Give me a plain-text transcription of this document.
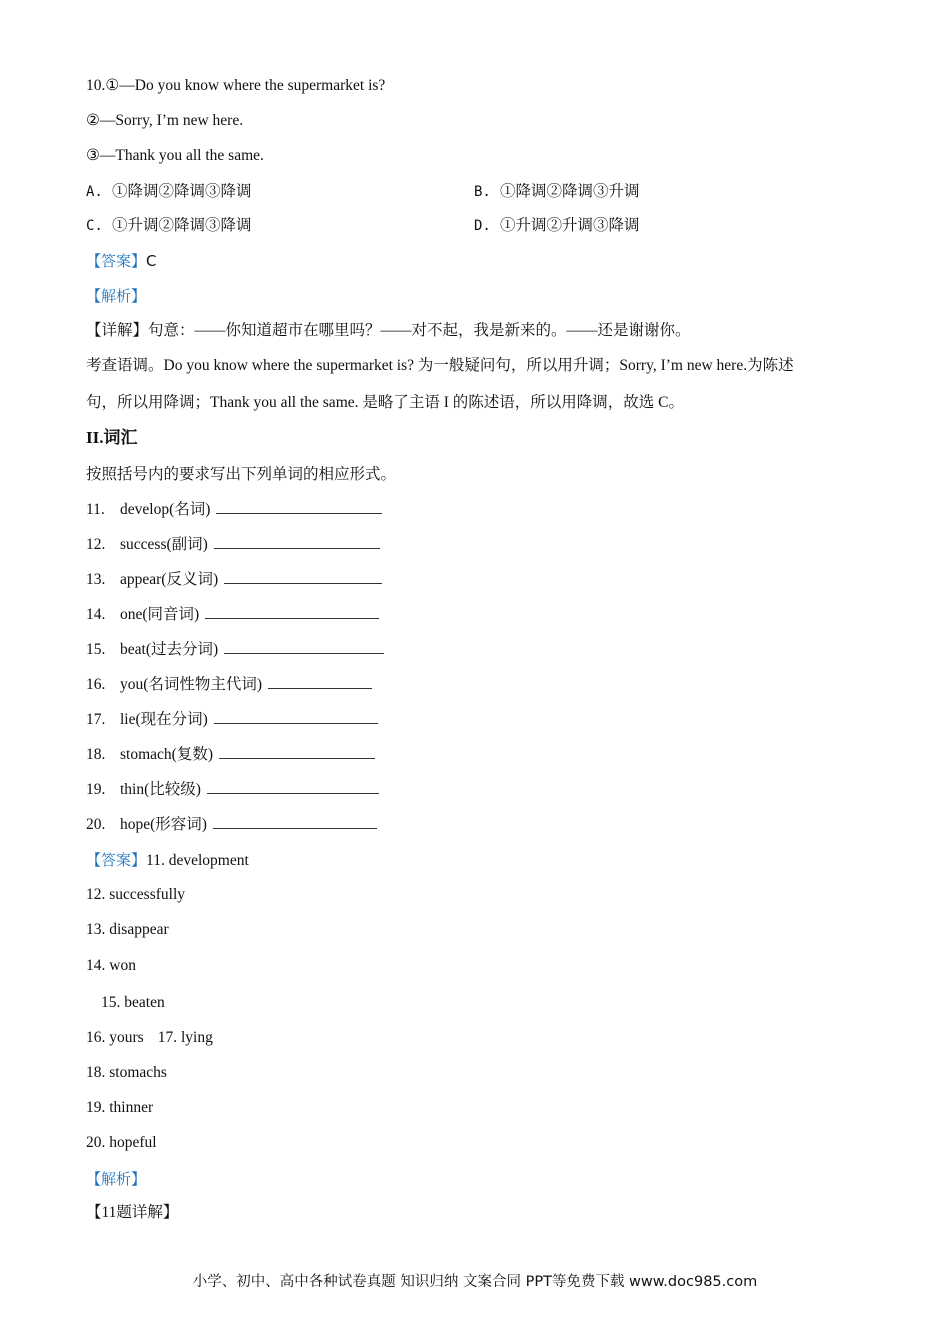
10.①—Do you know where the supermarket is?
②—Sorry, I’m new here.
③—Thank you all the same.
A. ①降调②降调③降调	B. ①降调②降调③升调
C. ①升调②降调③降调	D. ①升调②升调③降调
【答案】C
【解析】
【详解】句意：——你知道超市在哪里吗？——对不起，我是新来的。——还是谢谢你。
考查语调。Do you know where the supermarket is? 为一般疑问句，所以用升调；Sorry, I’m new here.为陈述
句，所以用降调；Thank you all the same. 是略了主语 I 的陈述语，所以用降调，故选 C。
II.词汇
按照括号内的要求写出下列单词的相应形式。
11. develop(名词)
12. success(副词)
13. appear(反义词)
14. one(同音词)
15. beat(过去分词)
16. you(名词性物主代词)
17. lie(现在分词)
18. stomach(复数)
19. thin(比较级)
20. hope(形容词)
【答案】11. development
12. successfully
13. disappear
14. won
15. beaten
16. yours 17. lying
18. stomachs
19. thinner
20. hopeful
【解析】
【11题详解】
小学、初中、高中各种试卷真题 知识归纳 文案合同 PPT等免费下载 www.doc985.com
